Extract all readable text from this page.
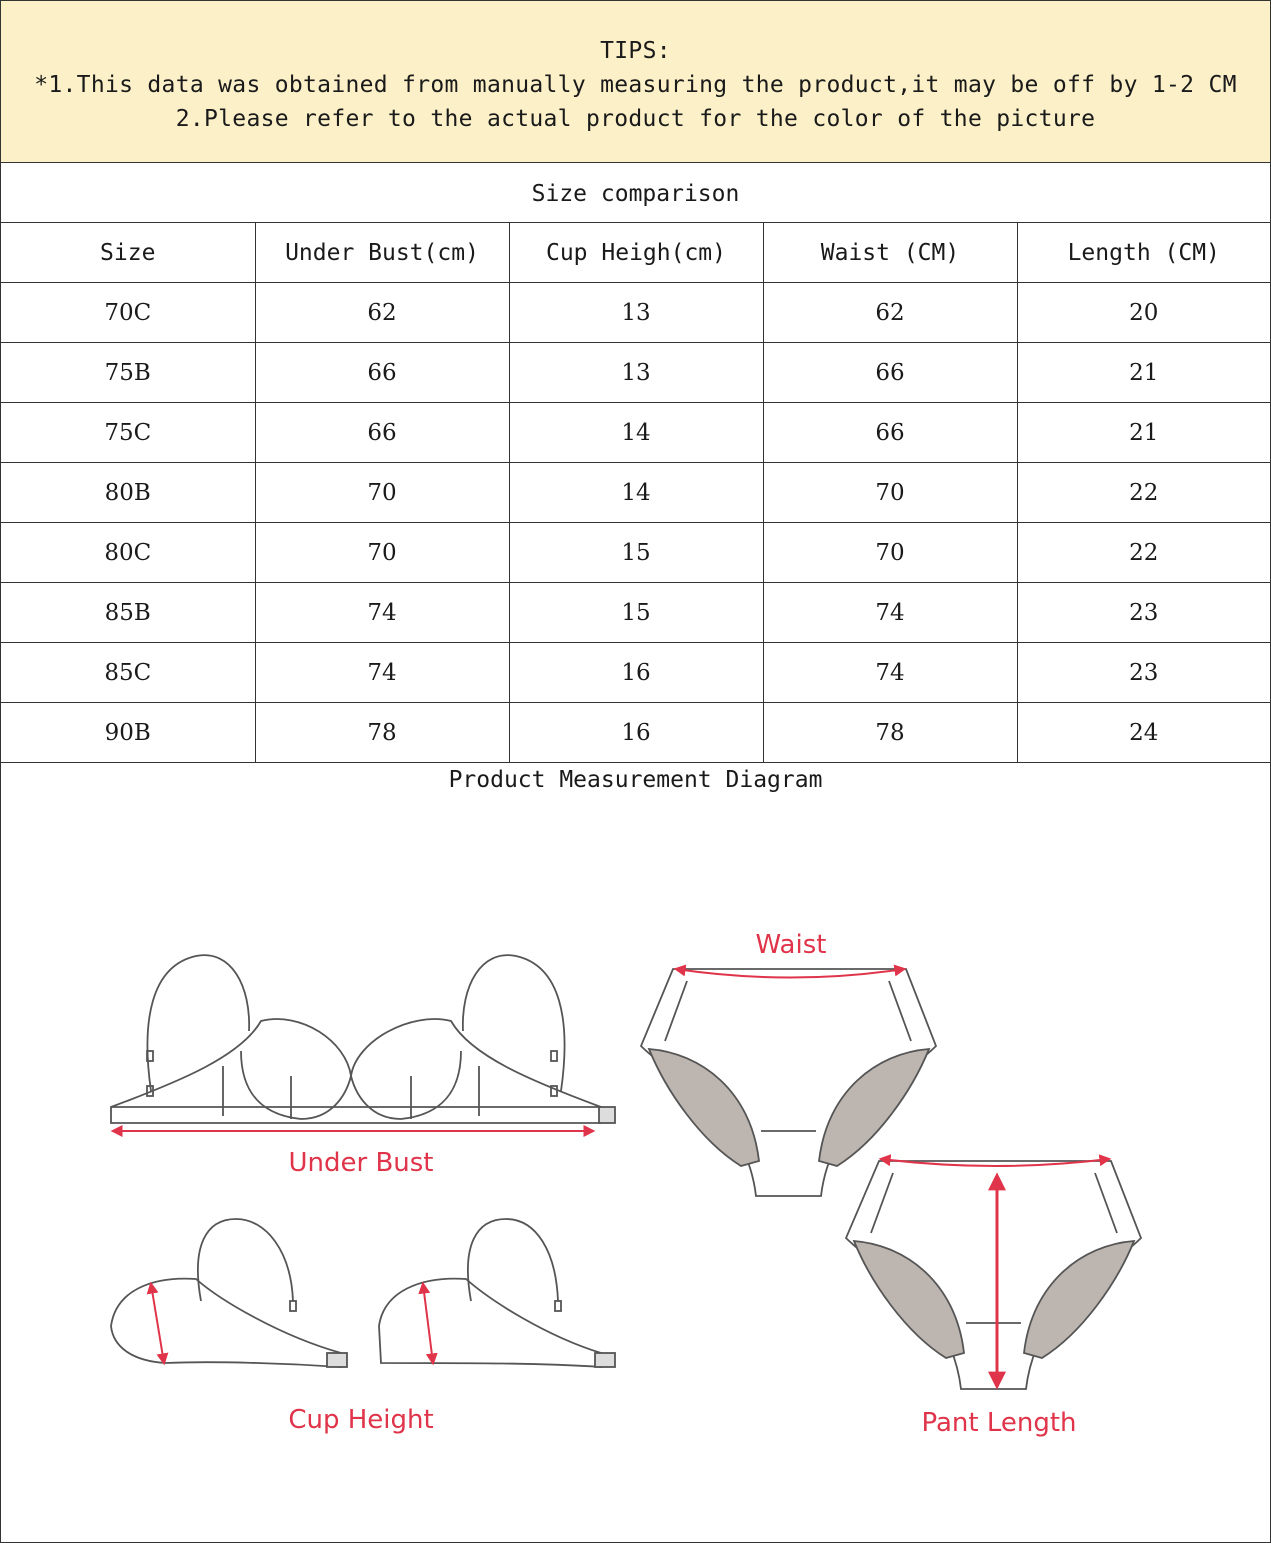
TIPS:
*1.This data was obtained from manually measuring the product,it may be off by 1-2 CM
2.Please refer to the actual product for the color of the picture
Size comparison
Size	Under Bust(cm)	Cup Heigh(cm)	Waist (CM)	Length (CM)
70C	62	13	62	20
75B	66	13	66	21
75C	66	14	66	21
80B	70	14	70	22
80C	70	15	70	22
85B	74	15	74	23
85C	74	16	74	23
90B	78	16	78	24
Product Measurement Diagram
Under Bust
Cup Height
Waist
Pant Length
